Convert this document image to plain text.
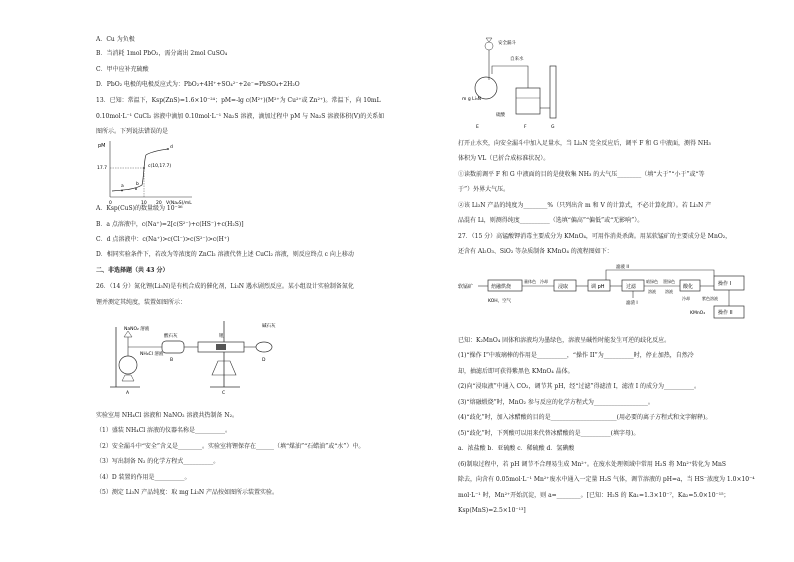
A．Cu 为负极
B．当消耗 1mol PbO₂，需分离出 2mol CuSO₄
C．甲中应补充硫酸
D．PbO₂ 电极的电极反应式为：PbO₂+4H⁺+SO₄²⁻+2e⁻=PbSO₄+2H₂O
13．已知：常温下，Ksp(ZnS)=1.6×10⁻²⁴；pM=-lg c(M²⁺)(M²⁺为 Cu²⁺或 Zn²⁺)。常温下，向 10mL
0.10mol·L⁻¹ CuCl₂ 溶液中滴加 0.10mol·L⁻¹ Na₂S 溶液，滴加过程中 pM 与 Na₂S 溶液体积(V)的关系如
图所示。下列说法错误的是
pM
V(Na₂S)/mL
17.7
0	10 20
a	b
c(10,17.7)
d
A．Ksp(CuS)的数量级为 10⁻³⁶
B．a 点溶液中，c(Na⁺)=2[c(S²⁻)+c(HS⁻)+c(H₂S)]
C．d 点溶液中：c(Na⁺)>c(Cl⁻)>c(S²⁻)>c(H⁺)
D．相同实验条件下，若改为等浓度的 ZnCl₂ 溶液代替上述 CuCl₂ 溶液，则反应终点 c 向上移动
二、非选择题（共 43 分）
26．（14 分）氮化锂(Li₃N)是有机合成的催化剂，Li₃N 遇水剧烈反应。某小组设计实验制备氮化
锂并测定其纯度，装置如图所示：
NaNO₂ 溶液
NH₄Cl 溶液
酸石灰	锂
碱石灰
A
B
C
D
实验室用 NH₄Cl 溶液和 NaNO₂ 溶液共热制备 N₂。
（1）盛装 NH₄Cl 溶液的仪器名称是__________。
（2）安全漏斗中“安全”含义是________。实验室将锂保存在______（填“煤油”“石蜡油”或“水”）中。
（3）写出制备 N₂ 的化学方程式__________。
（4）D 装置的作用是__________。
（5）测定 Li₃N 产品纯度：取 mg Li₃N 产品按如图所示装置实验。
安全漏斗
自来水
m g Li₃N
硫酸
E	F	G
打开止水夹，向安全漏斗中加入足量水，当 Li₃N 完全反应后，调平 F 和 G 中液面，测得 NH₃
体积为 VL（已折合成标准状况）。
①读数前调平 F 和 G 中液面的目的是使收集 NH₃ 的大气压________（填“大于”“小于”或“等
于”）外界大气压。
②该 Li₃N 产品的纯度为________%（只列出含 m 和 V 的计算式，不必计算化简）。若 Li₃N 产
品混有 Li，则测得纯度__________（选填“偏高”“偏低”或“无影响”）。
27．（15 分）高锰酸钾消毒主要成分为 KMnO₄，可用作消炎杀菌。用某软锰矿的主要成分是 MnO₂，
还含有 Al₂O₃、SiO₂ 等杂质制备 KMnO₄ 的流程图如下：
滤液 II
软锰矿	焙融烘烧
KOH、空气
量体色 冷却
浸取	调 pH	过滤
滤渣 I
暗绿色
溶液
墨绿色
溶液
酸化	操作 I
冷却	紫色溶液
KMnO₄	操作 II
已知：K₂MnO₄ 固体和溶液均为墨绿色，溶液呈碱性时能发生可逆的歧化反应。
(1)“操作 I”中玻璃棒的作用是__________，“操作 II”为__________时，停止加热，自然冷
却，抽滤后即可获得紫黑色 KMnO₄ 晶体。
(2)向“浸取液”中通入 CO₂，调节其 pH，经“过滤”得滤渣 I，滤渣 I 的成分为__________。
(3)“熔融煅烧”时，MnO₂ 参与反应的化学方程式为__________________。
(4)“歧化”时，加入冰醋酸的目的是______________________(用必要的离子方程式和文字解释)。
(5)“歧化”时，下列酸可以用来代替冰醋酸的是__________(填字母)。
a．浓盐酸 b．亚硫酸 c．稀硫酸 d．氢碘酸
(6)制取过程中，若 pH 调节不合理易生成 Mn²⁺。在废水处理领域中常用 H₂S 将 Mn²⁺转化为 MnS
除去，向含有 0.05mol·L⁻¹ Mn²⁺废水中通入一定量 H₂S 气体，调节溶液的 pH=a，当 HS⁻浓度为 1.0×10⁻⁴
mol·L⁻¹ 时，Mn²⁺开始沉淀，则 a=________。[已知：H₂S 的 Ka₁=1.3×10⁻⁷，Ka₂=5.0×10⁻¹⁵；
Ksp(MnS)=2.5×10⁻¹³]
